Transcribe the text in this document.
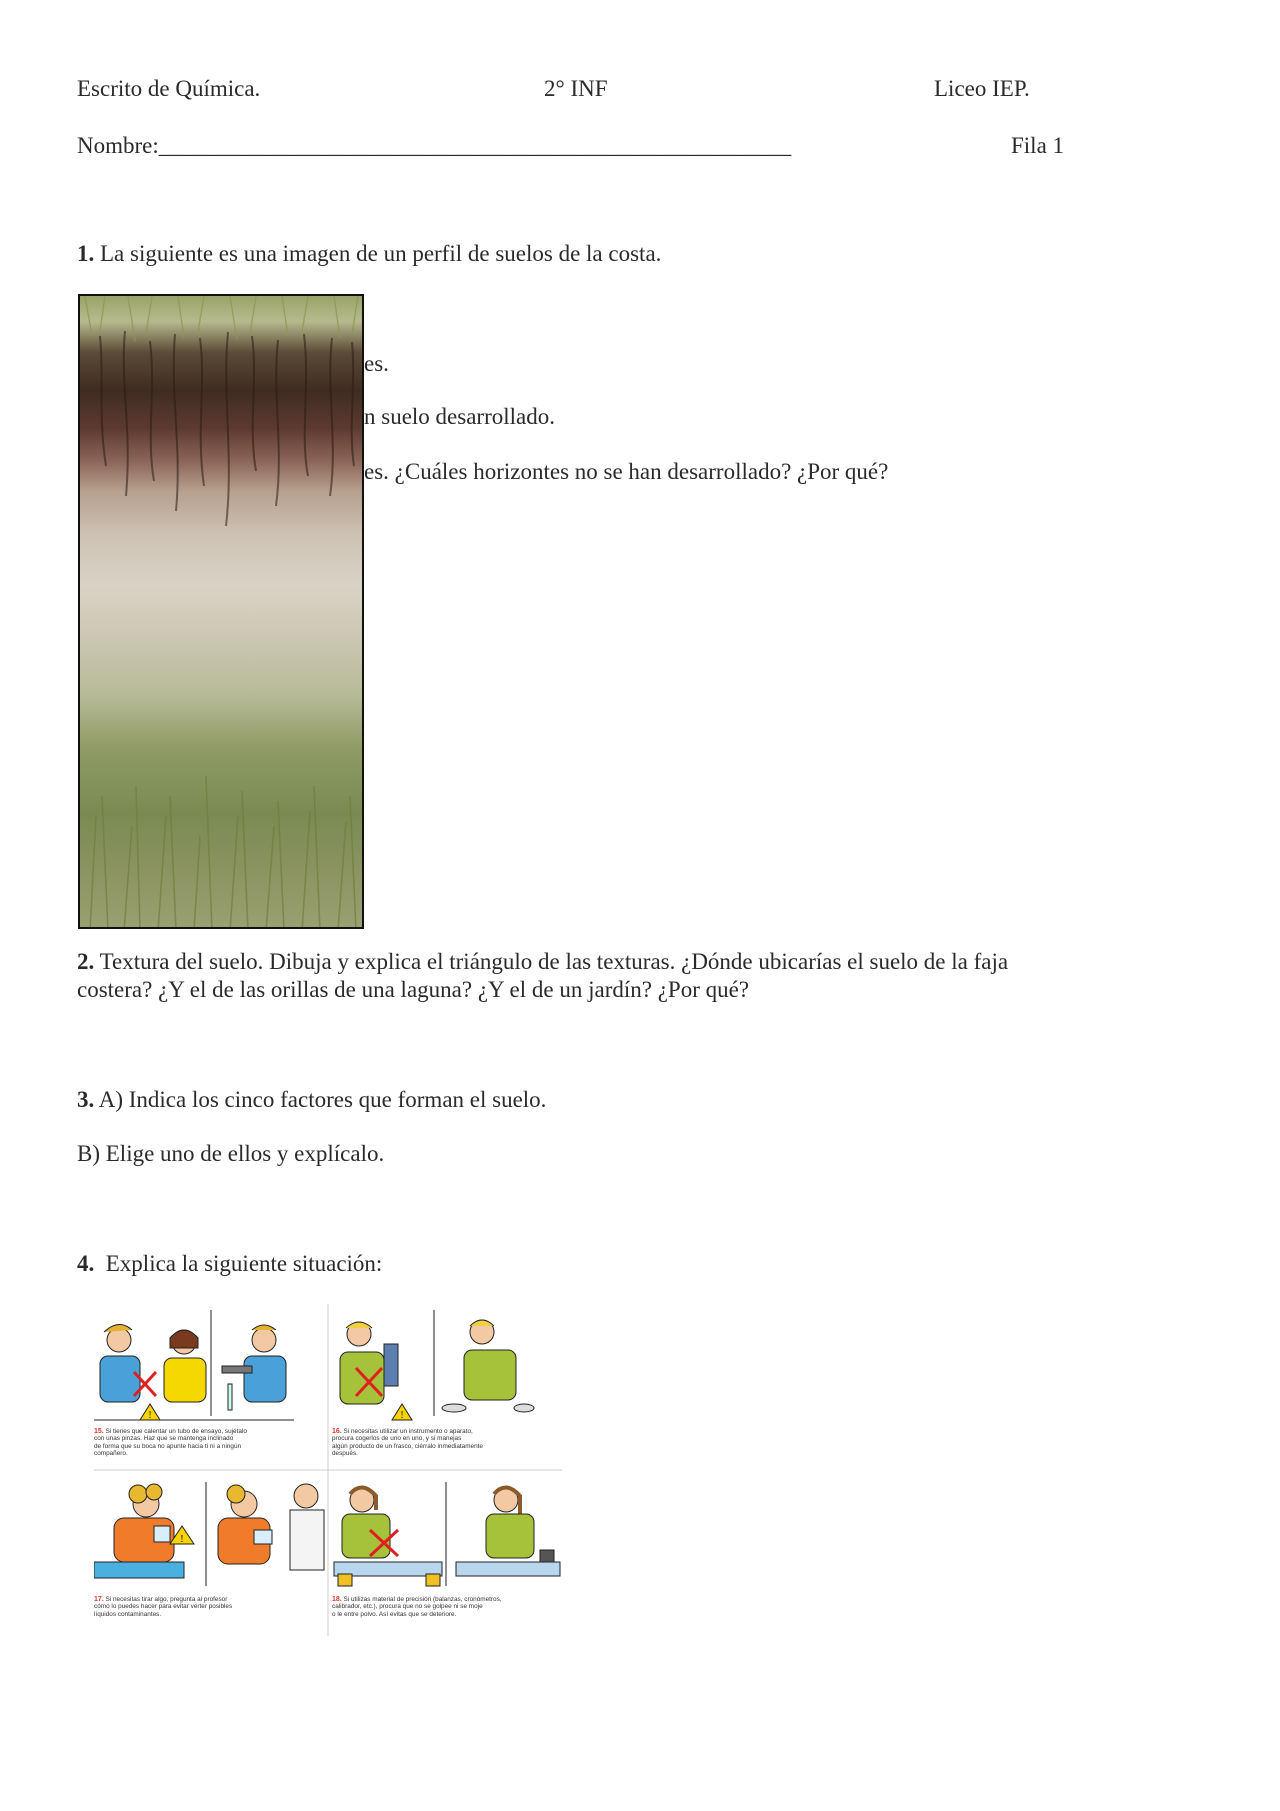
Escrito de Química.	2° INF	Liceo IEP.
Nombre:_______________________________________________________	Fila 1
1. La siguiente es una imagen de un perfil de suelos de la costa.
es.
n suelo desarrollado.
es. ¿Cuáles horizontes no se han desarrollado? ¿Por qué?
2. Textura del suelo. Dibuja y explica el triángulo de las texturas. ¿Dónde ubicarías el suelo de la faja
costera? ¿Y el de las orillas de una laguna? ¿Y el de un jardín? ¿Por qué?
3. A) Indica los cinco factores que forman el suelo.
B) Elige uno de ellos y explícalo.
4. Explica la siguiente situación:
!	!
!
15. Si tienes que calentar un tubo de ensayo, sujétalo
con unas pinzas. Haz que se mantenga inclinado
de forma que su boca no apunte hacia ti ni a ningún
compañero.
16. Si necesitas utilizar un instrumento o aparato,
procura cogerlos de uno en uno, y si manejas
algún producto de un frasco, ciérralo inmediatamente
después.
17. Si necesitas tirar algo, pregunta al profesor
cómo lo puedes hacer para evitar verter posibles
líquidos contaminantes.
18. Si utilizas material de precisión (balanzas, cronómetros,
calibrador, etc.), procura que no se golpee ni se moje
o le entre polvo. Así evitas que se deteriore.
